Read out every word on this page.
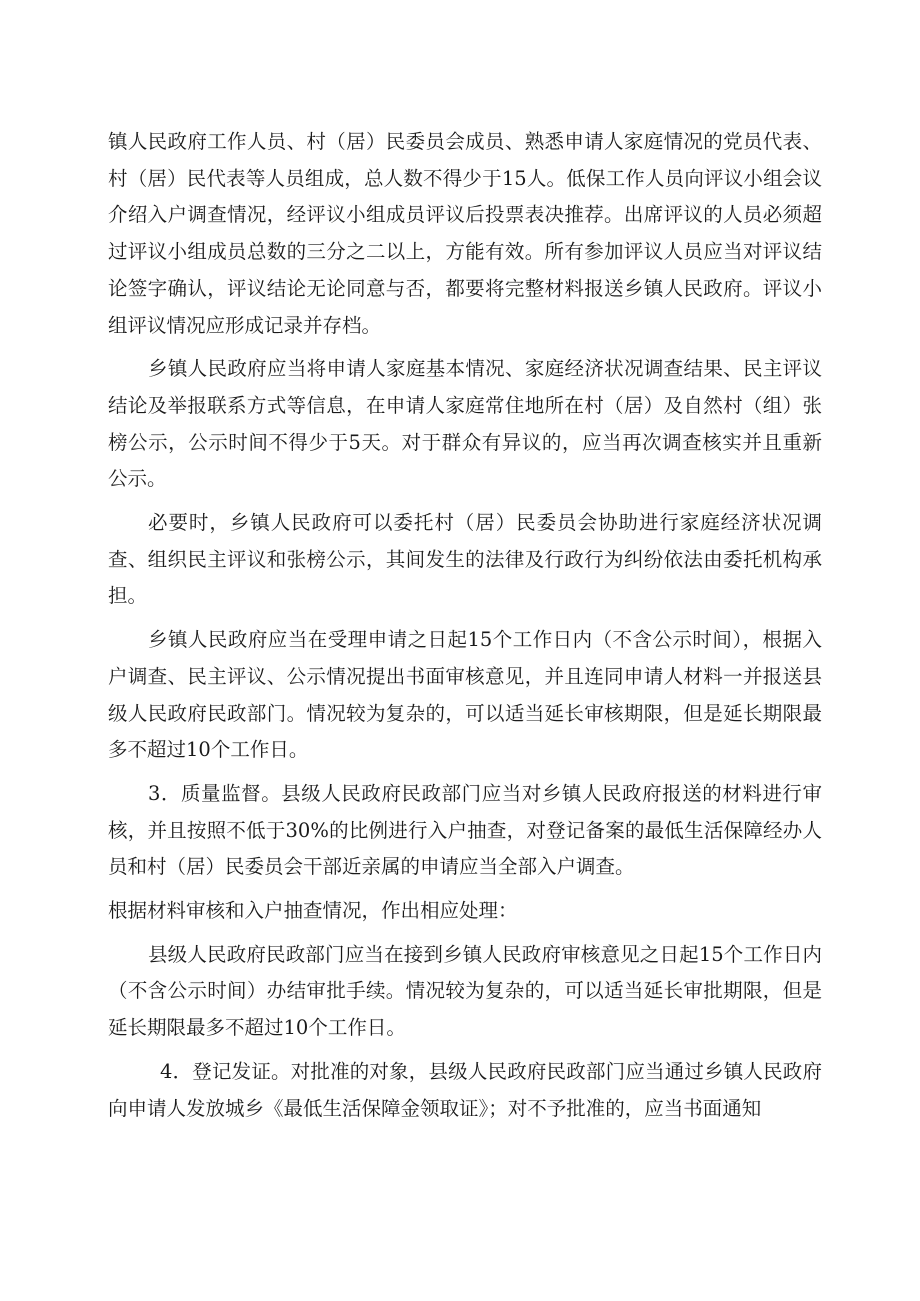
镇人民政府工作人员、村（居）民委员会成员、熟悉申请人家庭情况的党员代表、村（居）民代表等人员组成，总人数不得少于15人。低保工作人员向评议小组会议介绍入户调查情况，经评议小组成员评议后投票表决推荐。出席评议的人员必须超过评议小组成员总数的三分之二以上，方能有效。所有参加评议人员应当对评议结论签字确认，评议结论无论同意与否，都要将完整材料报送乡镇人民政府。评议小组评议情况应形成记录并存档。

乡镇人民政府应当将申请人家庭基本情况、家庭经济状况调查结果、民主评议结论及举报联系方式等信息，在申请人家庭常住地所在村（居）及自然村（组）张榜公示，公示时间不得少于5天。对于群众有异议的，应当再次调查核实并且重新公示。

必要时，乡镇人民政府可以委托村（居）民委员会协助进行家庭经济状况调查、组织民主评议和张榜公示，其间发生的法律及行政行为纠纷依法由委托机构承担。

乡镇人民政府应当在受理申请之日起15个工作日内（不含公示时间），根据入户调查、民主评议、公示情况提出书面审核意见，并且连同申请人材料一并报送县级人民政府民政部门。情况较为复杂的，可以适当延长审核期限，但是延长期限最多不超过10个工作日。

3．质量监督。县级人民政府民政部门应当对乡镇人民政府报送的材料进行审核，并且按照不低于30%的比例进行入户抽查，对登记备案的最低生活保障经办人员和村（居）民委员会干部近亲属的申请应当全部入户调查。

根据材料审核和入户抽查情况，作出相应处理：

县级人民政府民政部门应当在接到乡镇人民政府审核意见之日起15个工作日内（不含公示时间）办结审批手续。情况较为复杂的，可以适当延长审批期限，但是延长期限最多不超过10个工作日。

4．登记发证。对批准的对象，县级人民政府民政部门应当通过乡镇人民政府向申请人发放城乡《最低生活保障金领取证》；对不予批准的，应当书面通知
